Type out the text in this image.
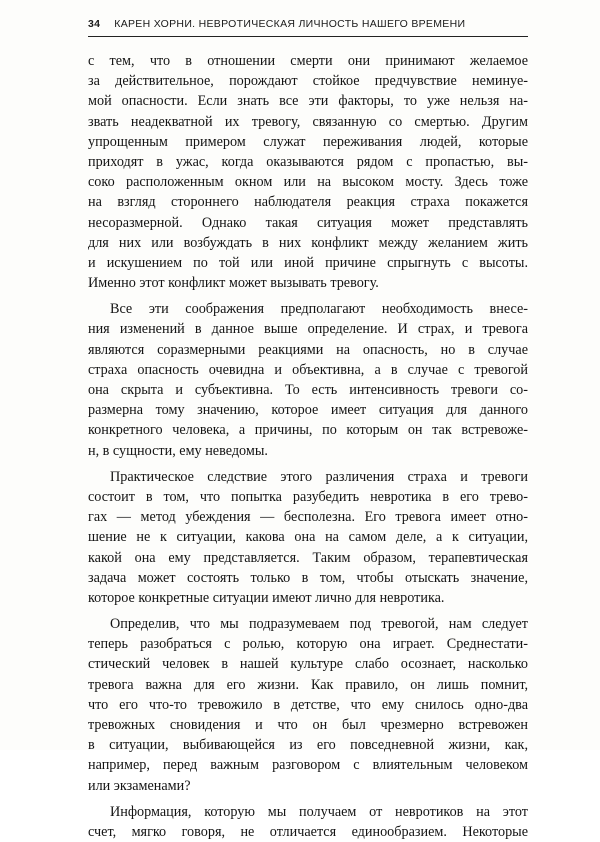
34 КАРЕН ХОРНИ. НЕВРОТИЧЕСКАЯ ЛИЧНОСТЬ НАШЕГО ВРЕМЕНИ
с тем, что в отношении смерти они принимают желаемое
за действительное, порождают стойкое предчувствие неминуе-
мой опасности. Если знать все эти факторы, то уже нельзя на-
звать неадекватной их тревогу, связанную со смертью. Другим
упрощенным примером служат переживания людей, которые
приходят в ужас, когда оказываются рядом с пропастью, вы-
соко расположенным окном или на высоком мосту. Здесь тоже
на взгляд стороннего наблюдателя реакция страха покажется
несоразмерной. Однако такая ситуация может представлять
для них или возбуждать в них конфликт между желанием жить
и искушением по той или иной причине спрыгнуть с высоты.
Именно этот конфликт может вызывать тревогу.
Все эти соображения предполагают необходимость внесе-
ния изменений в данное выше определение. И страх, и тревога
являются соразмерными реакциями на опасность, но в случае
страха опасность очевидна и объективна, а в случае с тревогой
она скрыта и субъективна. То есть интенсивность тревоги со-
размерна тому значению, которое имеет ситуация для данного
конкретного человека, а причины, по которым он так встревоже-
н, в сущности, ему неведомы.
Практическое следствие этого различения страха и тревоги
состоит в том, что попытка разубедить невротика в его трево-
гах — метод убеждения — бесполезна. Его тревога имеет отно-
шение не к ситуации, какова она на самом деле, а к ситуации,
какой она ему представляется. Таким образом, терапевтическая
задача может состоять только в том, чтобы отыскать значение,
которое конкретные ситуации имеют лично для невротика.
Определив, что мы подразумеваем под тревогой, нам следует
теперь разобраться с ролью, которую она играет. Среднестати-
стический человек в нашей культуре слабо осознает, насколько
тревога важна для его жизни. Как правило, он лишь помнит,
что его что-то тревожило в детстве, что ему снилось одно-два
тревожных сновидения и что он был чрезмерно встревожен
в ситуации, выбивающейся из его повседневной жизни, как,
например, перед важным разговором с влиятельным человеком
или экзаменами?
Информация, которую мы получаем от невротиков на этот
счет, мягко говоря, не отличается единообразием. Некоторые
